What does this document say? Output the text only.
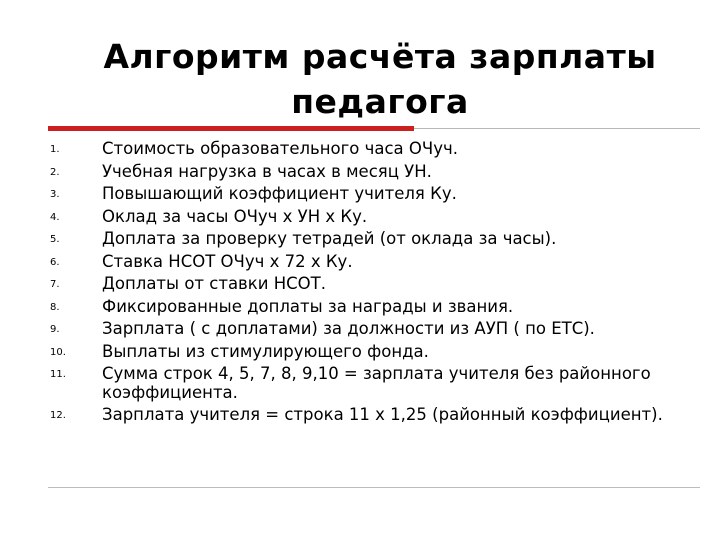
Алгоритм расчёта зарплаты
педагога
1.	Стоимость образовательного часа ОЧуч.
2.	Учебная нагрузка в часах в месяц УН.
3.	Повышающий коэффициент учителя Ку.
4.	Оклад за часы ОЧуч х УН х Ку.
5.	Доплата за проверку тетрадей (от оклада за часы).
6.	Ставка НСОТ ОЧуч х 72 х Ку.
7.	Доплаты от ставки НСОТ.
8.	Фиксированные доплаты за награды и звания.
9.	Зарплата ( с доплатами) за должности из АУП ( по ЕТС).
10.	Выплаты из стимулирующего фонда.
11.	Сумма строк 4, 5, 7, 8, 9,10 = зарплата учителя без районного коэффициента.
12.	Зарплата учителя = строка 11 х 1,25 (районный коэффициент).
